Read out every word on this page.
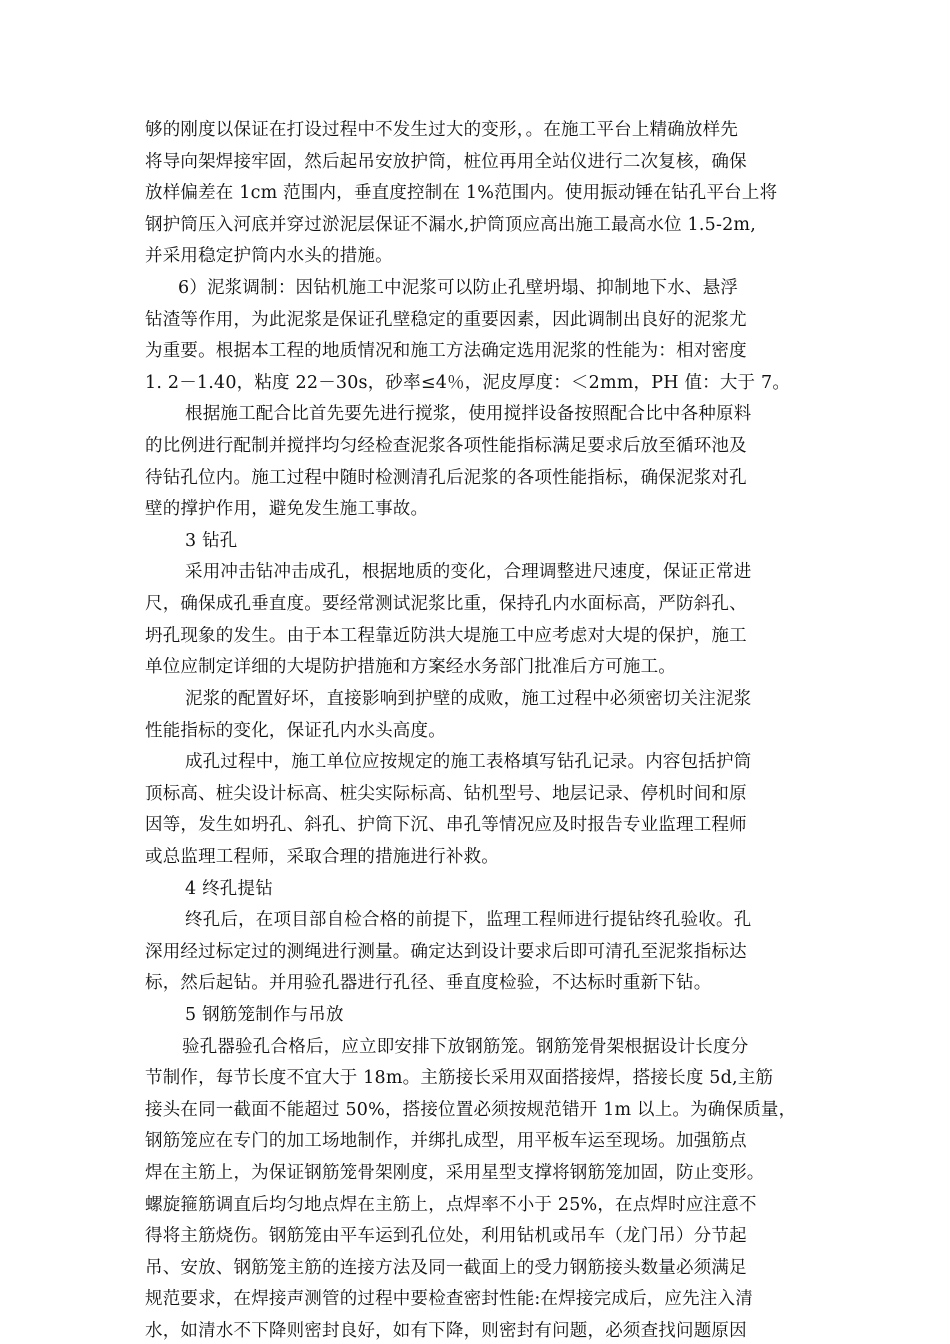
够的刚度以保证在打设过程中不发生过大的变形，。在施工平台上精确放样先
将导向架焊接牢固，然后起吊安放护筒，桩位再用全站仪进行二次复核，确保
放样偏差在 1cm 范围内，垂直度控制在 1%范围内。使用振动锤在钻孔平台上将
钢护筒压入河底并穿过淤泥层保证不漏水,护筒顶应高出施工最高水位 1.5-2m,
并采用稳定护筒内水头的措施。
6）泥浆调制：因钻机施工中泥浆可以防止孔壁坍塌、抑制地下水、悬浮
钻渣等作用，为此泥浆是保证孔壁稳定的重要因素，因此调制出良好的泥浆尤
为重要。根据本工程的地质情况和施工方法确定选用泥浆的性能为：相对密度
1. 2－1.40，粘度 22－30s，砂率≤4％，泥皮厚度：＜2mm，PH 值：大于 7。
根据施工配合比首先要先进行搅浆，使用搅拌设备按照配合比中各种原料
的比例进行配制并搅拌均匀经检查泥浆各项性能指标满足要求后放至循环池及
待钻孔位内。施工过程中随时检测清孔后泥浆的各项性能指标，确保泥浆对孔
壁的撑护作用，避免发生施工事故。
3 钻孔
采用冲击钻冲击成孔，根据地质的变化，合理调整进尺速度，保证正常进
尺，确保成孔垂直度。要经常测试泥浆比重，保持孔内水面标高，严防斜孔、
坍孔现象的发生。由于本工程靠近防洪大堤施工中应考虑对大堤的保护，施工
单位应制定详细的大堤防护措施和方案经水务部门批准后方可施工。
泥浆的配置好坏，直接影响到护壁的成败，施工过程中必须密切关注泥浆
性能指标的变化，保证孔内水头高度。
成孔过程中，施工单位应按规定的施工表格填写钻孔记录。内容包括护筒
顶标高、桩尖设计标高、桩尖实际标高、钻机型号、地层记录、停机时间和原
因等，发生如坍孔、斜孔、护筒下沉、串孔等情况应及时报告专业监理工程师
或总监理工程师，采取合理的措施进行补救。
4 终孔提钻
终孔后，在项目部自检合格的前提下，监理工程师进行提钻终孔验收。孔
深用经过标定过的测绳进行测量。确定达到设计要求后即可清孔至泥浆指标达
标，然后起钻。并用验孔器进行孔径、垂直度检验，不达标时重新下钻。
5 钢筋笼制作与吊放
验孔器验孔合格后，应立即安排下放钢筋笼。钢筋笼骨架根据设计长度分
节制作，每节长度不宜大于 18m。主筋接长采用双面搭接焊，搭接长度 5d,主筋
接头在同一截面不能超过 50%，搭接位置必须按规范错开 1m 以上。为确保质量，
钢筋笼应在专门的加工场地制作，并绑扎成型，用平板车运至现场。加强筋点
焊在主筋上，为保证钢筋笼骨架刚度，采用星型支撑将钢筋笼加固，防止变形。
螺旋箍筋调直后均匀地点焊在主筋上，点焊率不小于 25%，在点焊时应注意不
得将主筋烧伤。钢筋笼由平车运到孔位处，利用钻机或吊车（龙门吊）分节起
吊、安放、钢筋笼主筋的连接方法及同一截面上的受力钢筋接头数量必须满足
规范要求，在焊接声测管的过程中要检查密封性能:在焊接完成后，应先注入清
水，如清水不下降则密封良好，如有下降，则密封有问题，必须查找问题原因
